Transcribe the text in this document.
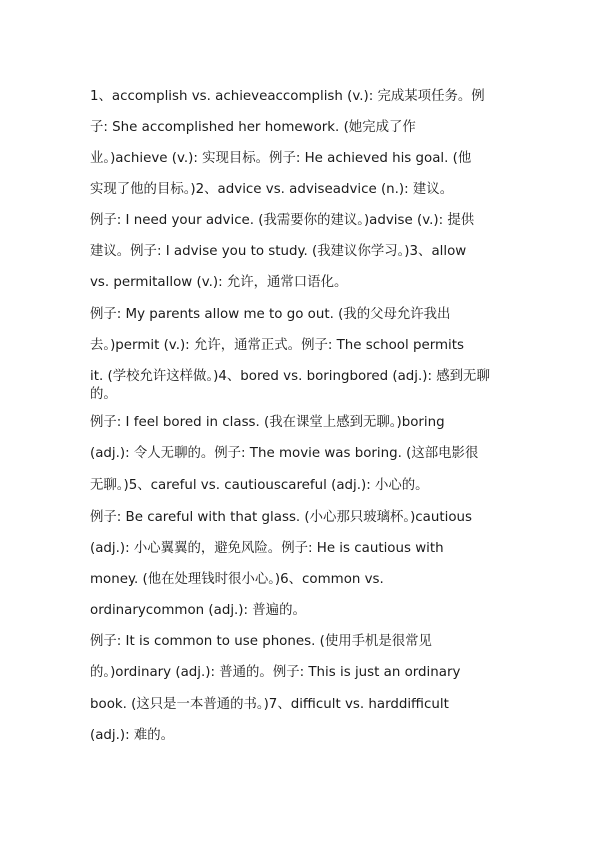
1、accomplish vs. achieveaccomplish (v.): 完成某项任务。例
子: She accomplished her homework. (她完成了作
业。)achieve (v.): 实现目标。例子: He achieved his goal. (他
实现了他的目标。)2、advice vs. adviseadvice (n.): 建议。
例子: I need your advice. (我需要你的建议。)advise (v.): 提供
建议。例子: I advise you to study. (我建议你学习。)3、allow
vs. permitallow (v.): 允许，通常口语化。
例子: My parents allow me to go out. (我的父母允许我出
去。)permit (v.): 允许，通常正式。例子: The school permits
it. (学校允许这样做。)4、bored vs. boringbored (adj.): 感到无聊的。
例子: I feel bored in class. (我在课堂上感到无聊。)boring
(adj.): 令人无聊的。例子: The movie was boring. (这部电影很
无聊。)5、careful vs. cautiouscareful (adj.): 小心的。
例子: Be careful with that glass. (小心那只玻璃杯。)cautious
(adj.): 小心翼翼的，避免风险。例子: He is cautious with
money. (他在处理钱时很小心。)6、common vs.
ordinarycommon (adj.): 普遍的。
例子: It is common to use phones. (使用手机是很常见
的。)ordinary (adj.): 普通的。例子: This is just an ordinary
book. (这只是一本普通的书。)7、difficult vs. harddifficult
(adj.): 难的。
